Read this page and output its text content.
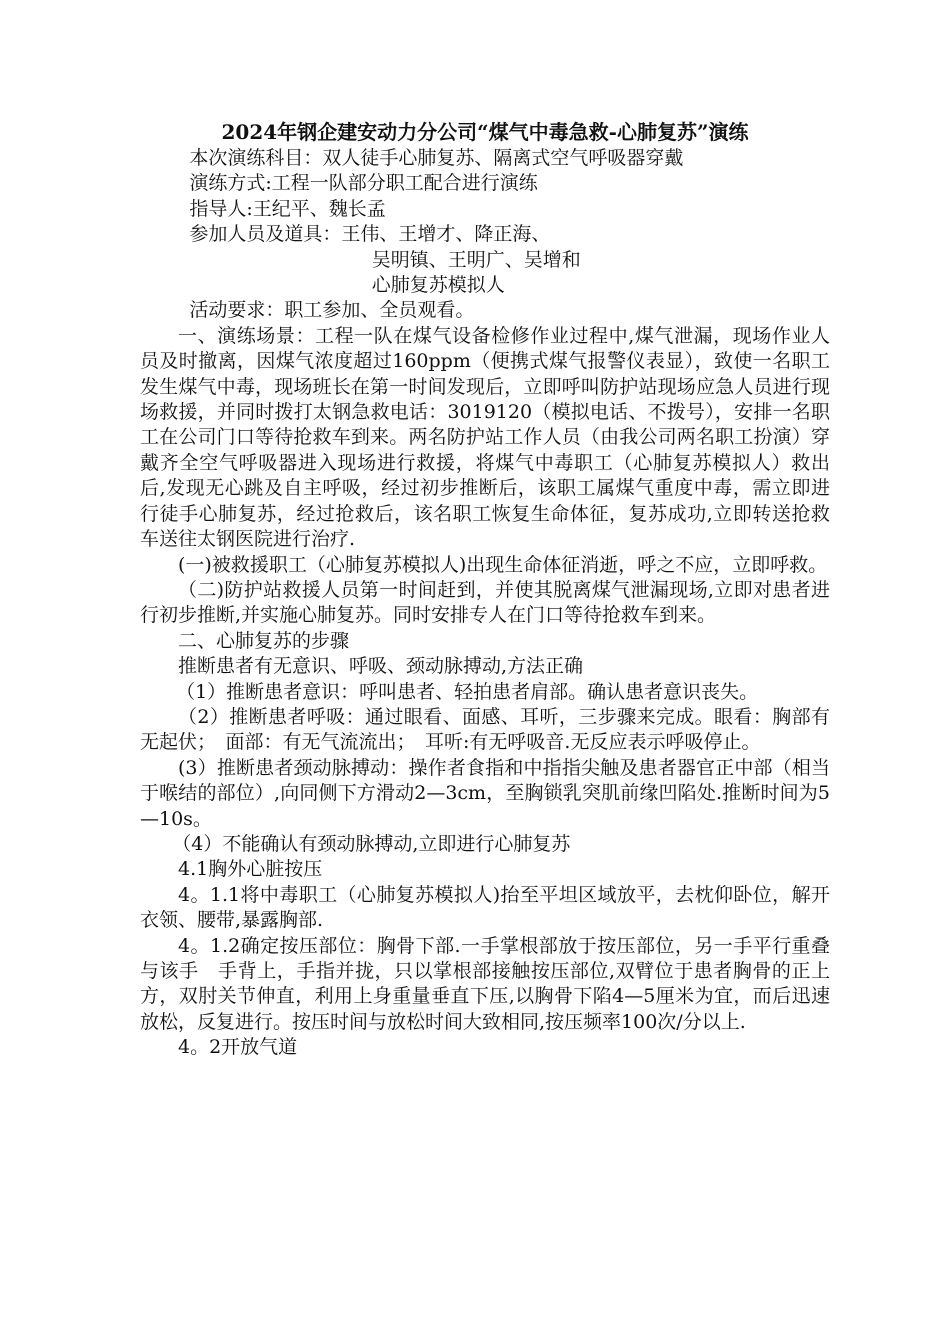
2024年钢企建安动力分公司“煤气中毒急救-心肺复苏”演练

本次演练科目：双人徒手心肺复苏、隔离式空气呼吸器穿戴

演练方式:工程一队部分职工配合进行演练

指导人:王纪平、魏长孟

参加人员及道具：王伟、王增才、降正海、

吴明镇、王明广、吴增和

心肺复苏模拟人

活动要求：职工参加、全员观看。

一、演练场景：工程一队在煤气设备检修作业过程中,煤气泄漏，现场作业人员及时撤离，因煤气浓度超过160ppm（便携式煤气报警仪表显），致使一名职工发生煤气中毒，现场班长在第一时间发现后，立即呼叫防护站现场应急人员进行现场救援，并同时拨打太钢急救电话：3019120（模拟电话、不拨号），安排一名职工在公司门口等待抢救车到来。两名防护站工作人员（由我公司两名职工扮演）穿戴齐全空气呼吸器进入现场进行救援，将煤气中毒职工（心肺复苏模拟人）救出后,发现无心跳及自主呼吸，经过初步推断后，该职工属煤气重度中毒，需立即进行徒手心肺复苏，经过抢救后，该名职工恢复生命体征，复苏成功,立即转送抢救车送往太钢医院进行治疗.

(一)被救援职工（心肺复苏模拟人)出现生命体征消逝，呼之不应，立即呼救。

（二)防护站救援人员第一时间赶到，并使其脱离煤气泄漏现场,立即对患者进行初步推断,并实施心肺复苏。同时安排专人在门口等待抢救车到来。

二、心肺复苏的步骤

推断患者有无意识、呼吸、颈动脉搏动,方法正确

（1）推断患者意识：呼叫患者、轻拍患者肩部。确认患者意识丧失。

（2）推断患者呼吸：通过眼看、面感、耳听，三步骤来完成。眼看：胸部有无起伏；　面部：有无气流流出；　耳听:有无呼吸音.无反应表示呼吸停止。

(3）推断患者颈动脉搏动：操作者食指和中指指尖触及患者器官正中部（相当于喉结的部位）,向同侧下方滑动2—3cm，至胸锁乳突肌前缘凹陷处.推断时间为5—10s。

（4）不能确认有颈动脉搏动,立即进行心肺复苏

4.1胸外心脏按压

4。1.1将中毒职工（心肺复苏模拟人)抬至平坦区域放平，去枕仰卧位，解开衣领、腰带,暴露胸部.

4。1.2确定按压部位：胸骨下部.一手掌根部放于按压部位，另一手平行重叠与该手　手背上，手指并拢，只以掌根部接触按压部位,双臂位于患者胸骨的正上方，双肘关节伸直，利用上身重量垂直下压,以胸骨下陷4—5厘米为宜，而后迅速放松，反复进行。按压时间与放松时间大致相同,按压频率100次/分以上.

4。2开放气道
